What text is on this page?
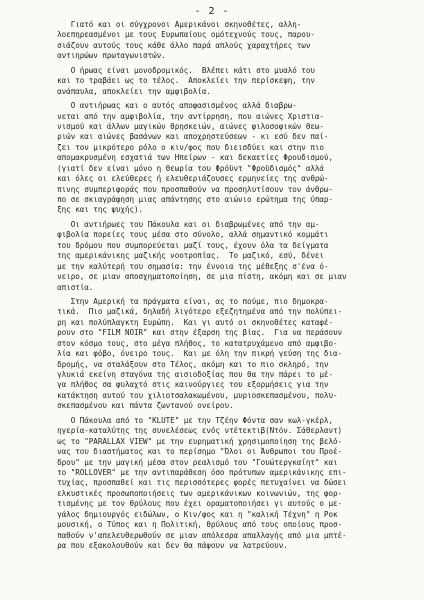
- 2 -
Γιατό και οι σύγχρονοι Αμερικάνοι σκηνοθέτες, αλλη-
λοεπηρεασμένοι με τους Ευρωπαίους ομότεχνούς τους, παρου-
σιάζουν αυτούς τους κάθε άλλο παρά απλούς χαραχτήρες των
αντιηρώων πρωταγωνιστών.
Ο ήρωας είναι μονοδρομικός.  Βλέπει κάτι στο μυαλό του
και το τραβάει ως το τέλος.  Αποκλείει την περίσκεψη, την
ανάπαυλα, αποκλείει την αμφιβολία.
Ο αντιήρωας και ο αυτός αποφασισμένος αλλά διαβρω-
νεται από την αμφιβολία, την αντίρρηση, που αιώνες Χριστια-
νισμού και άλλων μαγικών θρησκειών, αιώνες φιλοσοφικών θεω-
ριών και αιώνες βασάνων και αποχρηστεύσεων - κι εσύ δεν παί-
ζει τον μικρότερο ρόλο ο κιν/φος που διεισδύει και στην πιο
απομακρυσμένη εσχατιά των Ηπείρων - και δεκαετίες Φρουδισμού,
(γιατί δεν είναι μόνο η θεωρία του Φρόϋντ "Φροϋδισμός" αλλά
και όλες οι ελεύθερες ή ελευθεριάζουσες ερμηνείες της ανθρώ-
πινης συμπεριφοράς που προσπαθούν να προσηλυτίσουν τον άνθρω-
πο σε σκιαγράφηση μιας απάντησης στο αιώνιο ερώτημα της ύπαρ-
ξης και της ψυχής).
Οι αντιήρωες του Πάκουλα και οι διαβρωμένες από την αμ-
φιβολία πορείες τους μέσα στο σύνολο, αλλά σημαντικό κομμάτι
του δρόμου που συμπορεύεται μαζί τους, έχουν όλα τα δείγματα
της αμερικάνικης μαζικής νοοτροπίας.  Το μαζικό, εσύ, δένει
με την καλύτερή του σημασία: την έννοια της μέθεξης σ'ένα ό-
νειρο, σε μιαν αποσχηματοποίηση, σε μια πίστη, ακόμη και σε μιαν
απιστία.
Στην Αμερική τα πράγματα είναι, ας το πούμε, πιο δημοκρα-
τικά.  Πιο μαζικά, δηλαδή λιγότερο εξεζητημένα από την πολύπει-
ρη και πολύπλαγκτη Ευρώπη.  Και γι αυτό οι σκηνοθέτες καταφέ-
ρουν στο "FILM NOIR" και στην έξαρση της βίας.  Για να περάσουν
στον κόσμο τους, στο μέγα πλήθος, το κατατρυχάμενο από αμφιβο-
λία και φόβο, όνειρο τους.  Και με όλη την πικρή γεύση της δια-
δρομής, να σταλάξουν στο Τέλος, ακόμη και το πιο σκληρό, την
γλυκιά εκείνη σταγόνα της αισιοδοξίας που θα την πάρει το μέ-
γα πλήθος σα φυλαχτό στις καινούργιες του εξορμήσεις για την
κατάκτηση αυτού του χιλιοτσαλακωμένου, μυριοσκεπασμένου, πολυ-
σκεπασμένου και πάντα ζωντανού ονείρου.
Ο Πάκουλα από το "KLUTE" με την Τζέην Φόντα σαν κωλ-γκέρλ,
ηγερία-καταλύτης της συνελέσεως ενός ντέτεκτιβ(Ντόν. Σάθερλαντ)
ως το "PARALLAX VIEW" με την ευρηματική χρησιμοποίηση της βελό-
νας του διαστήματος και το περίσημο "Όλοι οι Άνθρωποι του Προέ-
δρου" με την μαγική μέσα στον ρεαλισμό του "Γουώτεργκαίητ" και
το "ROLLOVER" με την αντιπαράθεση όσο πρότυπων αμερικάνικης επι-
τυχίας, προσπαθεί και τις περισσότερες φορές πετυχαίνει να δώσει
ελκυστικές προσωποποιήσεις των αμερικάνικων κοινωνιών, της φορ-
τισμένης με τον θρύλους που έχει οραματοποιήσει γι αυτούς ο με-
γάλος δημιουργός ειδώλων, ο Κιν/φος και η "καλική Τέχνη" η Ροκ
μουσική, ο Τύπος και η Πολιτική, θρύλους από τους οποίους προσ-
παθούν ν'απελευθερωθούν σε μιαν απόλεσρα απαλλαγής από μια μπτέ-
ρα που εξακολουθούν και δεν θα πάψουν να λατρεύουν.
